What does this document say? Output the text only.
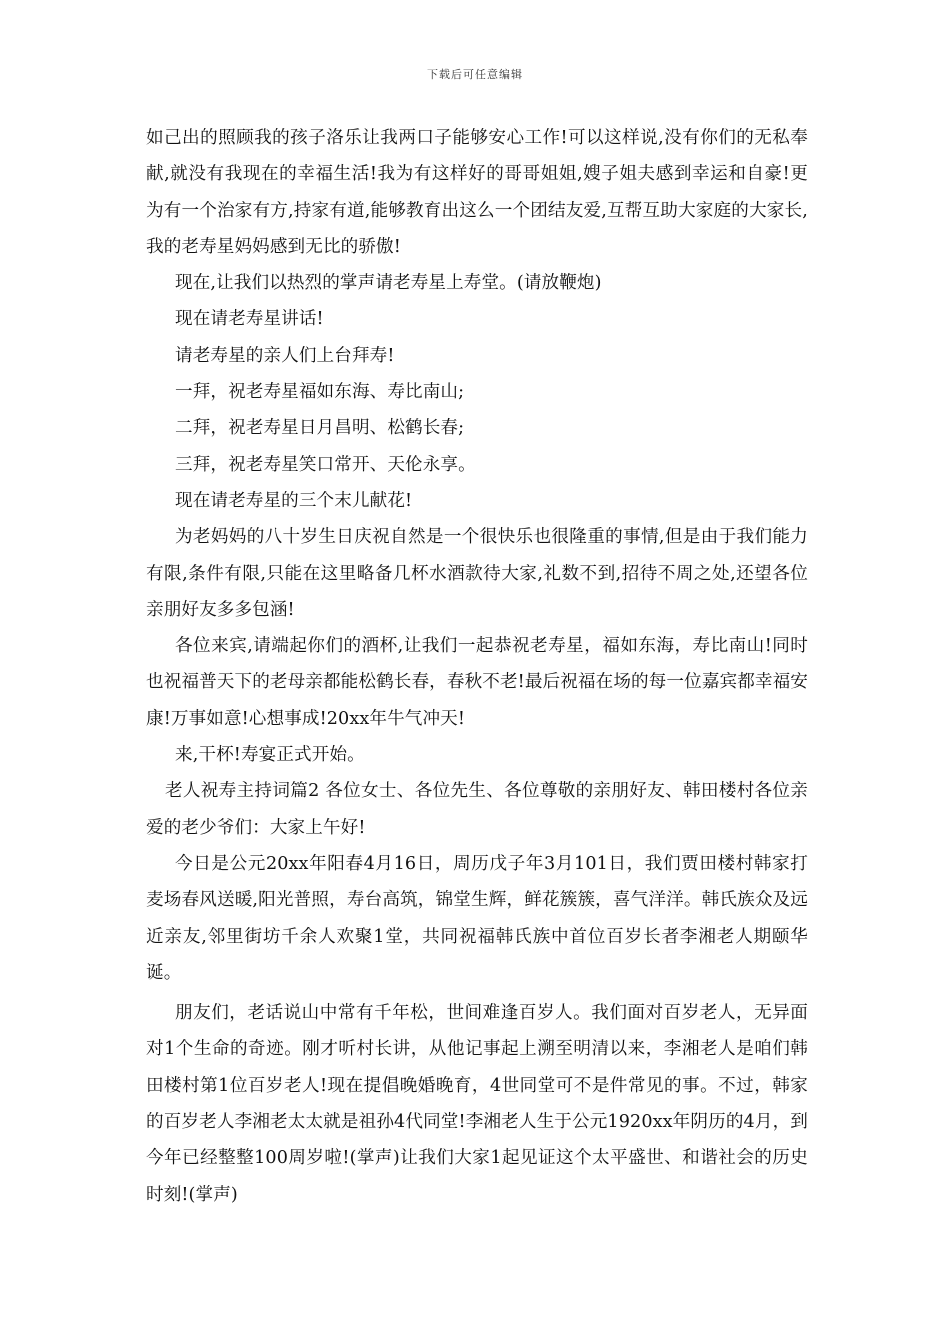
下载后可任意编辑

如己出的照顾我的孩子洛乐让我两口子能够安心工作!可以这样说,没有你们的无私奉献,就没有我现在的幸福生活!我为有这样好的哥哥姐姐,嫂子姐夫感到幸运和自豪!更为有一个治家有方,持家有道,能够教育出这么一个团结友爱,互帮互助大家庭的大家长,我的老寿星妈妈感到无比的骄傲!

现在,让我们以热烈的掌声请老寿星上寿堂。(请放鞭炮)

现在请老寿星讲话!

请老寿星的亲人们上台拜寿!

一拜，祝老寿星福如东海、寿比南山;

二拜，祝老寿星日月昌明、松鹤长春;

三拜，祝老寿星笑口常开、天伦永享。

现在请老寿星的三个末儿献花!

为老妈妈的八十岁生日庆祝自然是一个很快乐也很隆重的事情,但是由于我们能力有限,条件有限,只能在这里略备几杯水酒款待大家,礼数不到,招待不周之处,还望各位亲朋好友多多包涵!

各位来宾,请端起你们的酒杯,让我们一起恭祝老寿星，福如东海，寿比南山!同时也祝福普天下的老母亲都能松鹤长春，春秋不老!最后祝福在场的每一位嘉宾都幸福安康!万事如意!心想事成!20xx年牛气冲天!

来,干杯!寿宴正式开始。

老人祝寿主持词篇2 各位女士、各位先生、各位尊敬的亲朋好友、韩田楼村各位亲爱的老少爷们：大家上午好!

今日是公元20xx年阳春4月16日，周历戊子年3月101日，我们贾田楼村韩家打麦场春风送暖,阳光普照，寿台高筑，锦堂生辉，鲜花簇簇，喜气洋洋。韩氏族众及远近亲友,邻里街坊千余人欢聚1堂，共同祝福韩氏族中首位百岁长者李湘老人期颐华诞。

朋友们，老话说山中常有千年松，世间难逢百岁人。我们面对百岁老人，无异面对1个生命的奇迹。刚才听村长讲，从他记事起上溯至明清以来，李湘老人是咱们韩田楼村第1位百岁老人!现在提倡晚婚晚育，4世同堂可不是件常见的事。不过，韩家的百岁老人李湘老太太就是祖孙4代同堂!李湘老人生于公元1920xx年阴历的4月，到今年已经整整100周岁啦!(掌声)让我们大家1起见证这个太平盛世、和谐社会的历史时刻!(掌声)
